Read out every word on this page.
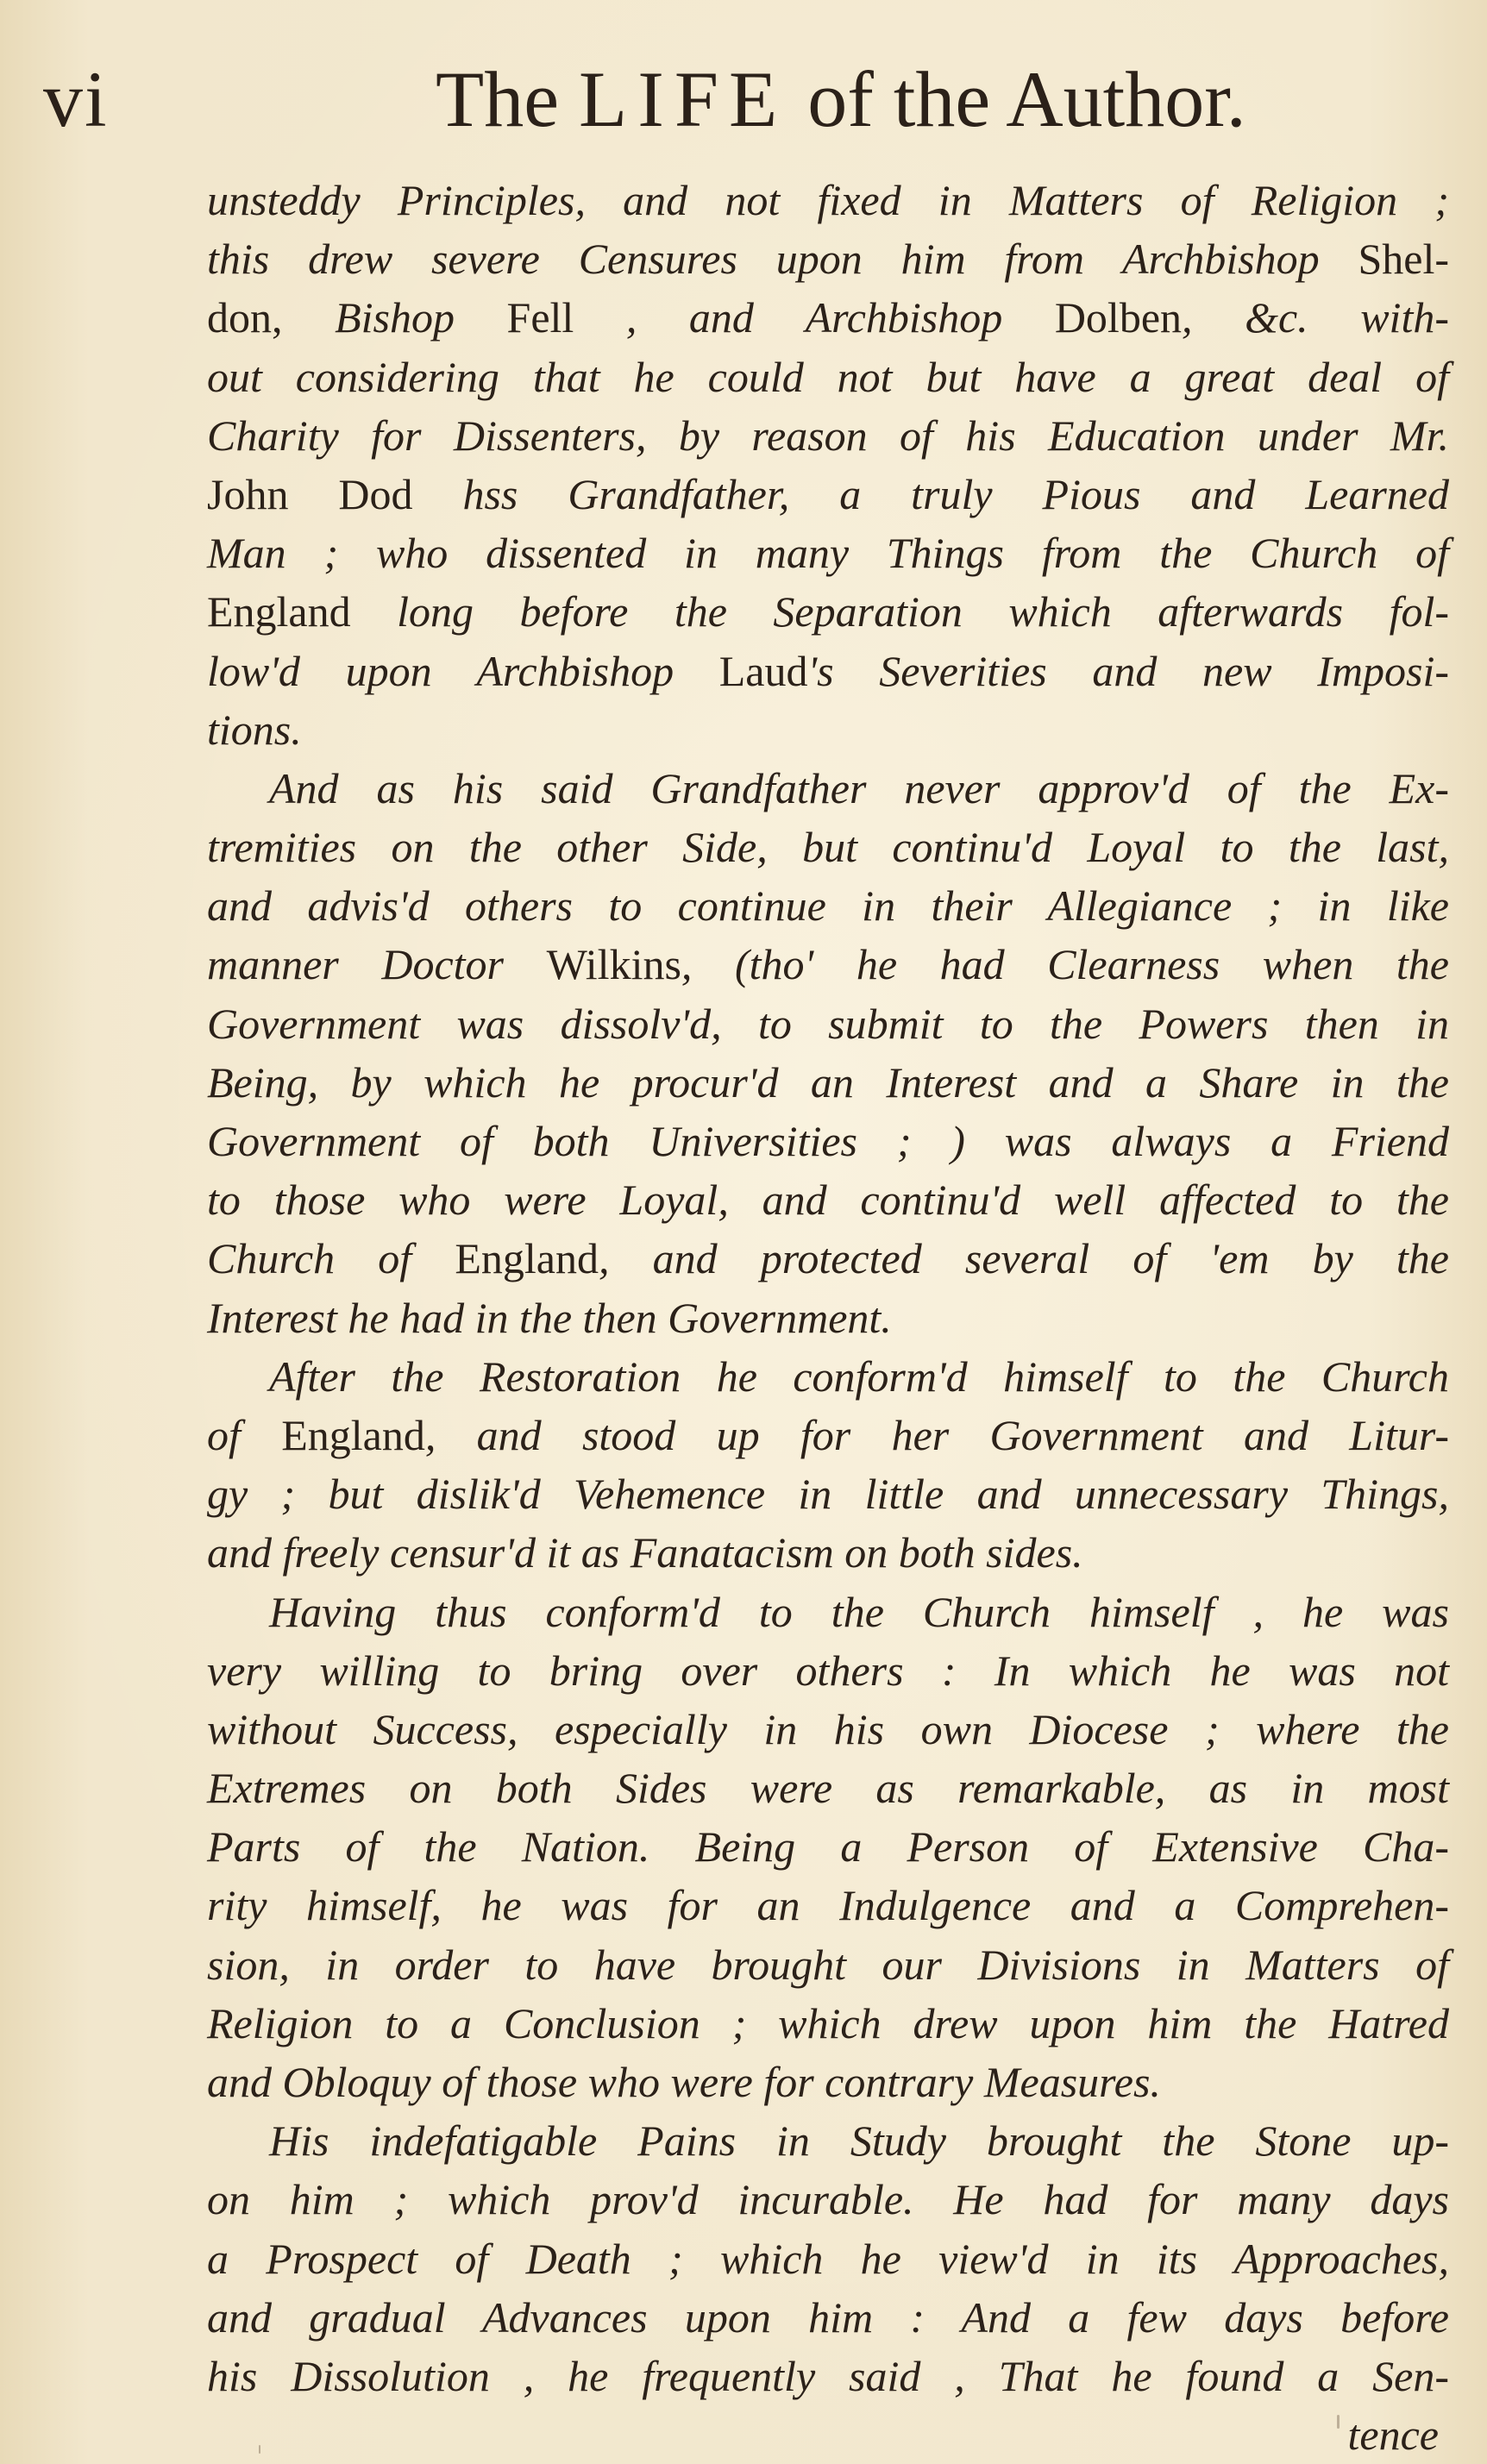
vi	The LIFE of the Author.
unsteddy Principles, and not fixed in Matters of Religion ;
this drew severe Censures upon him from Archbishop Shel-
don, Bishop Fell , and Archbishop Dolben, &c. with-
out considering that he could not but have a great deal of
Charity for Dissenters, by reason of his Education under Mr.
John Dod hss Grandfather, a truly Pious and Learned
Man ; who dissented in many Things from the Church of
England long before the Separation which afterwards fol-
low'd upon Archbishop Laud's Severities and new Imposi-
tions.
And as his said Grandfather never approv'd of the Ex-
tremities on the other Side, but continu'd Loyal to the last,
and advis'd others to continue in their Allegiance ; in like
manner Doctor Wilkins, (tho' he had Clearness when the
Government was dissolv'd, to submit to the Powers then in
Being, by which he procur'd an Interest and a Share in the
Government of both Universities ; ) was always a Friend
to those who were Loyal, and continu'd well affected to the
Church of England, and protected several of 'em by the
Interest he had in the then Government.
After the Restoration he conform'd himself to the Church
of England, and stood up for her Government and Litur-
gy ; but dislik'd Vehemence in little and unnecessary Things,
and freely censur'd it as Fanatacism on both sides.
Having thus conform'd to the Church himself , he was
very willing to bring over others : In which he was not
without Success, especially in his own Diocese ; where the
Extremes on both Sides were as remarkable, as in most
Parts of the Nation. Being a Person of Extensive Cha-
rity himself, he was for an Indulgence and a Comprehen-
sion, in order to have brought our Divisions in Matters of
Religion to a Conclusion ; which drew upon him the Hatred
and Obloquy of those who were for contrary Measures.
His indefatigable Pains in Study brought the Stone up-
on him ; which prov'd incurable. He had for many days
a Prospect of Death ; which he view'd in its Approaches,
and gradual Advances upon him : And a few days before
his Dissolution , he frequently said , That he found a Sen-
tence
